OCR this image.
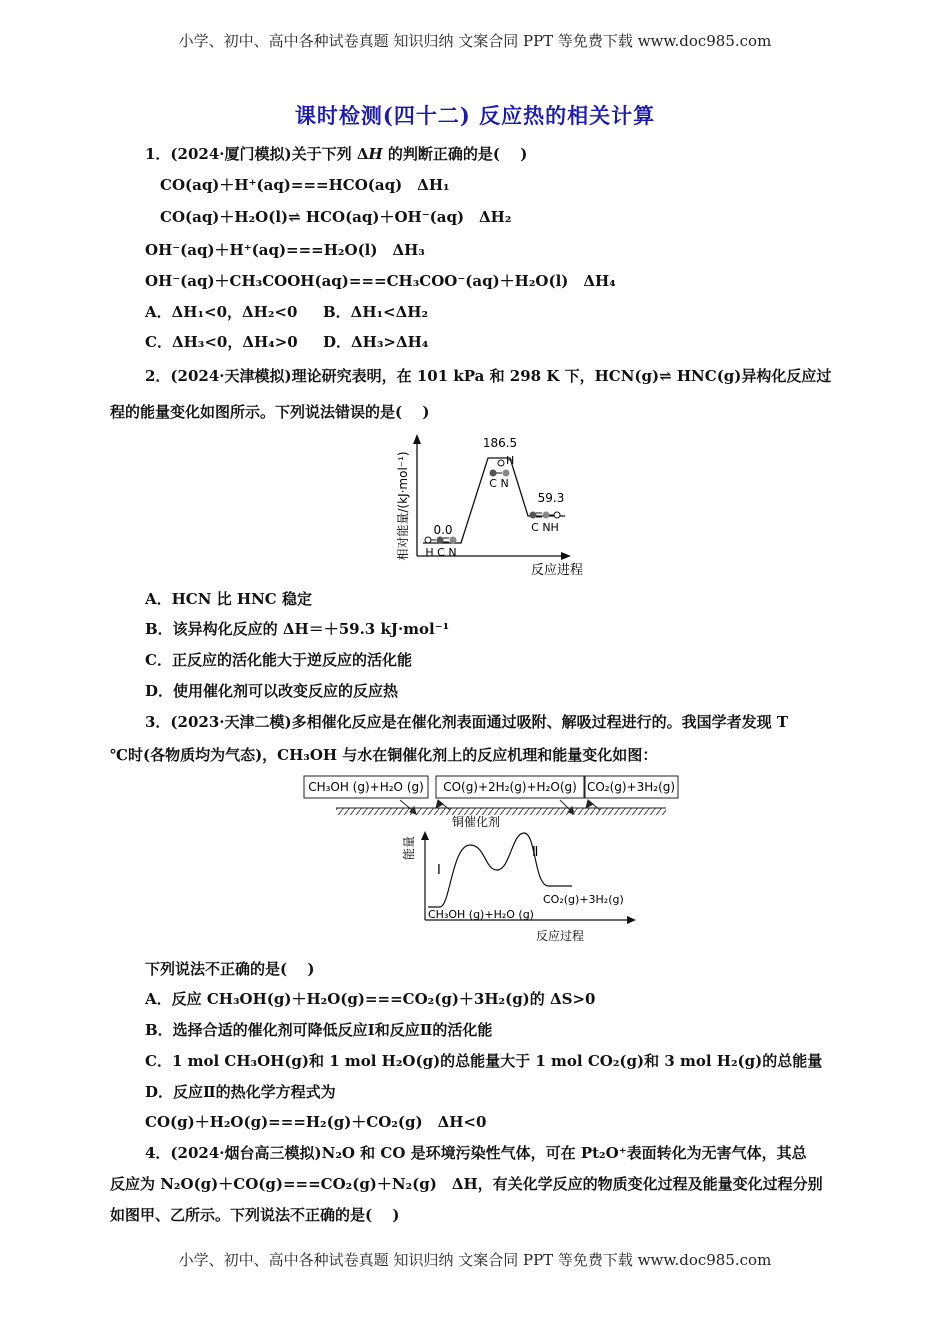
小学、初中、高中各种试卷真题 知识归纳 文案合同 PPT 等免费下载 www.doc985.com
课时检测(四十二) 反应热的相关计算
1．(2024·厦门模拟)关于下列 ΔH 的判断正确的是(　 )
CO(aq)＋H⁺(aq)===HCO(aq)　ΔH₁
CO(aq)＋H₂O(l)⇌ HCO(aq)＋OH⁻(aq)　ΔH₂
OH⁻(aq)＋H⁺(aq)===H₂O(l)　ΔH₃
OH⁻(aq)＋CH₃COOH(aq)===CH₃COO⁻(aq)＋H₂O(l)　ΔH₄
A．ΔH₁<0，ΔH₂<0 B．ΔH₁<ΔH₂
C．ΔH₃<0，ΔH₄>0 D．ΔH₃>ΔH₄
2．(2024·天津模拟)理论研究表明，在 101 kPa 和 298 K 下，HCN(g)⇌ HNC(g)异构化反应过
程的能量变化如图所示。下列说法错误的是(　 )
相对能量/(kJ·mol⁻¹)
反应进程
0.0
186.5
59.3
H C N
H
C N
C NH
A．HCN 比 HNC 稳定
B．该异构化反应的 ΔH＝＋59.3 kJ·mol⁻¹
C．正反应的活化能大于逆反应的活化能
D．使用催化剂可以改变反应的反应热
3．(2023·天津二模)多相催化反应是在催化剂表面通过吸附、解吸过程进行的。我国学者发现 T
℃时(各物质均为气态)，CH₃OH 与水在铜催化剂上的反应机理和能量变化如图：
CH₃OH (g)+H₂O (g) CO(g)+2H₂(g)+H₂O(g) CO₂(g)+3H₂(g)
铜催化剂
能量
反应过程
I
Ⅱ
CH₃OH (g)+H₂O (g)
CO₂(g)+3H₂(g)
下列说法不正确的是(　 )
A．反应 CH₃OH(g)＋H₂O(g)===CO₂(g)＋3H₂(g)的 ΔS>0
B．选择合适的催化剂可降低反应Ⅰ和反应Ⅱ的活化能
C．1 mol CH₃OH(g)和 1 mol H₂O(g)的总能量大于 1 mol CO₂(g)和 3 mol H₂(g)的总能量
D．反应Ⅱ的热化学方程式为
CO(g)＋H₂O(g)===H₂(g)＋CO₂(g)　ΔH<0
4．(2024·烟台高三模拟)N₂O 和 CO 是环境污染性气体，可在 Pt₂O⁺表面转化为无害气体，其总
反应为 N₂O(g)＋CO(g)===CO₂(g)＋N₂(g)　ΔH，有关化学反应的物质变化过程及能量变化过程分别
如图甲、乙所示。下列说法不正确的是(　 )
小学、初中、高中各种试卷真题 知识归纳 文案合同 PPT 等免费下载 www.doc985.com
